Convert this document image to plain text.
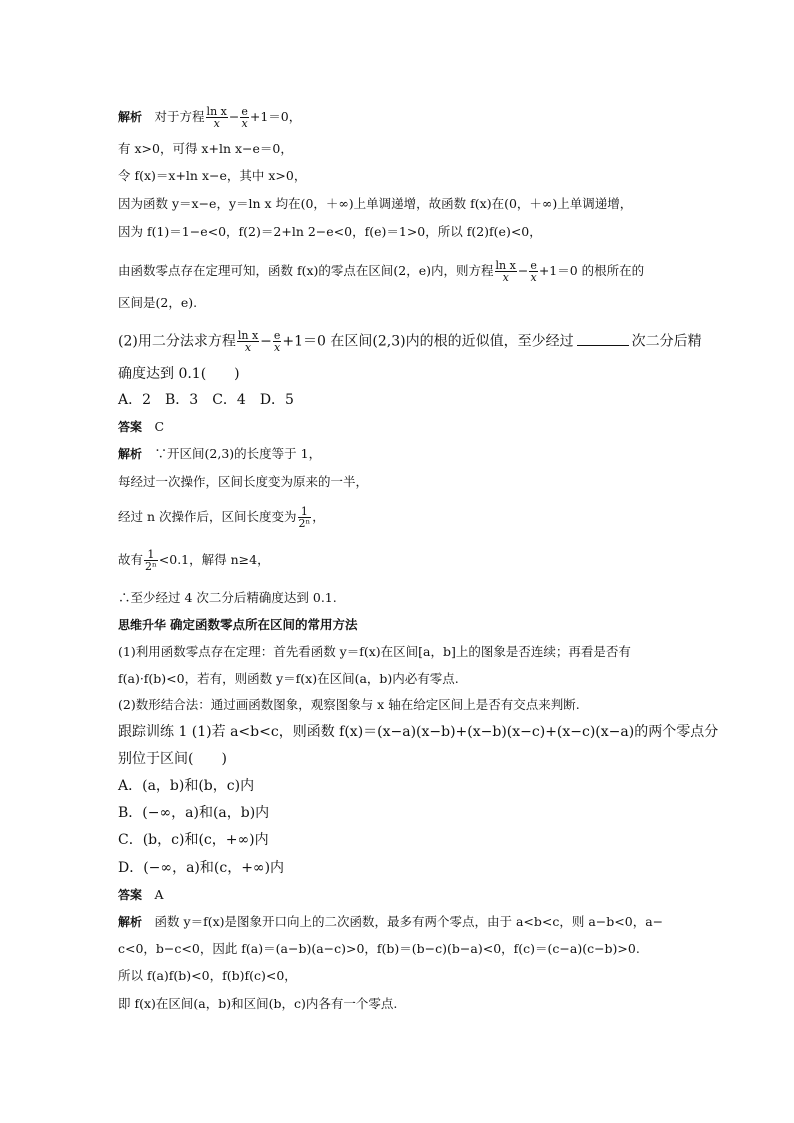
解析　 对于方程 $\frac{\text{ln x}}{x} - \frac{e}{x} +1=0$，
有 x>0，可得 x+ln x−e＝0，
令 f(x)＝x+ln x−e，其中 x>0，
因为函数 y＝x−e，y＝ln x 均在(0，＋∞)上单调递增，故函数 f(x)在(0，＋∞)上单调递增，
因为 f(1)＝1−e<0，f(2)＝2+ln 2−e<0，f(e)＝1>0，所以 f(2)f(e)<0，
由函数零点存在定理可知，函数 f(x)的零点在区间(2，e)内，则方程 $\frac{\text{ln x}}{x} - \frac{e}{x} +1=0$ 的根所在的
区间是(2，e).
(2)用二分法求方程 $\frac{\text{ln x}}{x} - \frac{e}{x} +1=0$ 在区间(2,3)内的根的近似值，至少经过	次二分后精
确度达到 0.1(　　)
A．2　B．3　C．4　D．5
答案　 C
解析　 ∵开区间(2,3)的长度等于 1，
每经过一次操作，区间长度变为原来的一半，
经过 n 次操作后，区间长度变为 $\frac{1}{\text{2ⁿ}}$ ，
故有 $\frac{1}{\text{2ⁿ}} <0.1$，解得 n≥4，
∴至少经过 4 次二分后精确度达到 0.1.
思维升华 确定函数零点所在区间的常用方法
(1)利用函数零点存在定理：首先看函数 y＝f(x)在区间[a，b]上的图象是否连续；再看是否有
f(a)·f(b)<0，若有，则函数 y＝f(x)在区间(a，b)内必有零点.
(2)数形结合法：通过画函数图象，观察图象与 x 轴在给定区间上是否有交点来判断.
跟踪训练 1 (1)若 a<b<c，则函数 f(x)＝(x−a)(x−b)+(x−b)(x−c)+(x−c)(x−a)的两个零点分
别位于区间(　　)
A．(a，b)和(b，c)内
B．(−∞，a)和(a，b)内
C．(b，c)和(c，+∞)内
D．(−∞，a)和(c，+∞)内
答案　 A
解析　 函数 y＝f(x)是图象开口向上的二次函数，最多有两个零点，由于 a<b<c，则 a−b<0，a−
c<0，b−c<0，因此 f(a)＝(a−b)(a−c)>0，f(b)＝(b−c)(b−a)<0，f(c)＝(c−a)(c−b)>0.
所以 f(a)f(b)<0，f(b)f(c)<0，
即 f(x)在区间(a，b)和区间(b，c)内各有一个零点.
